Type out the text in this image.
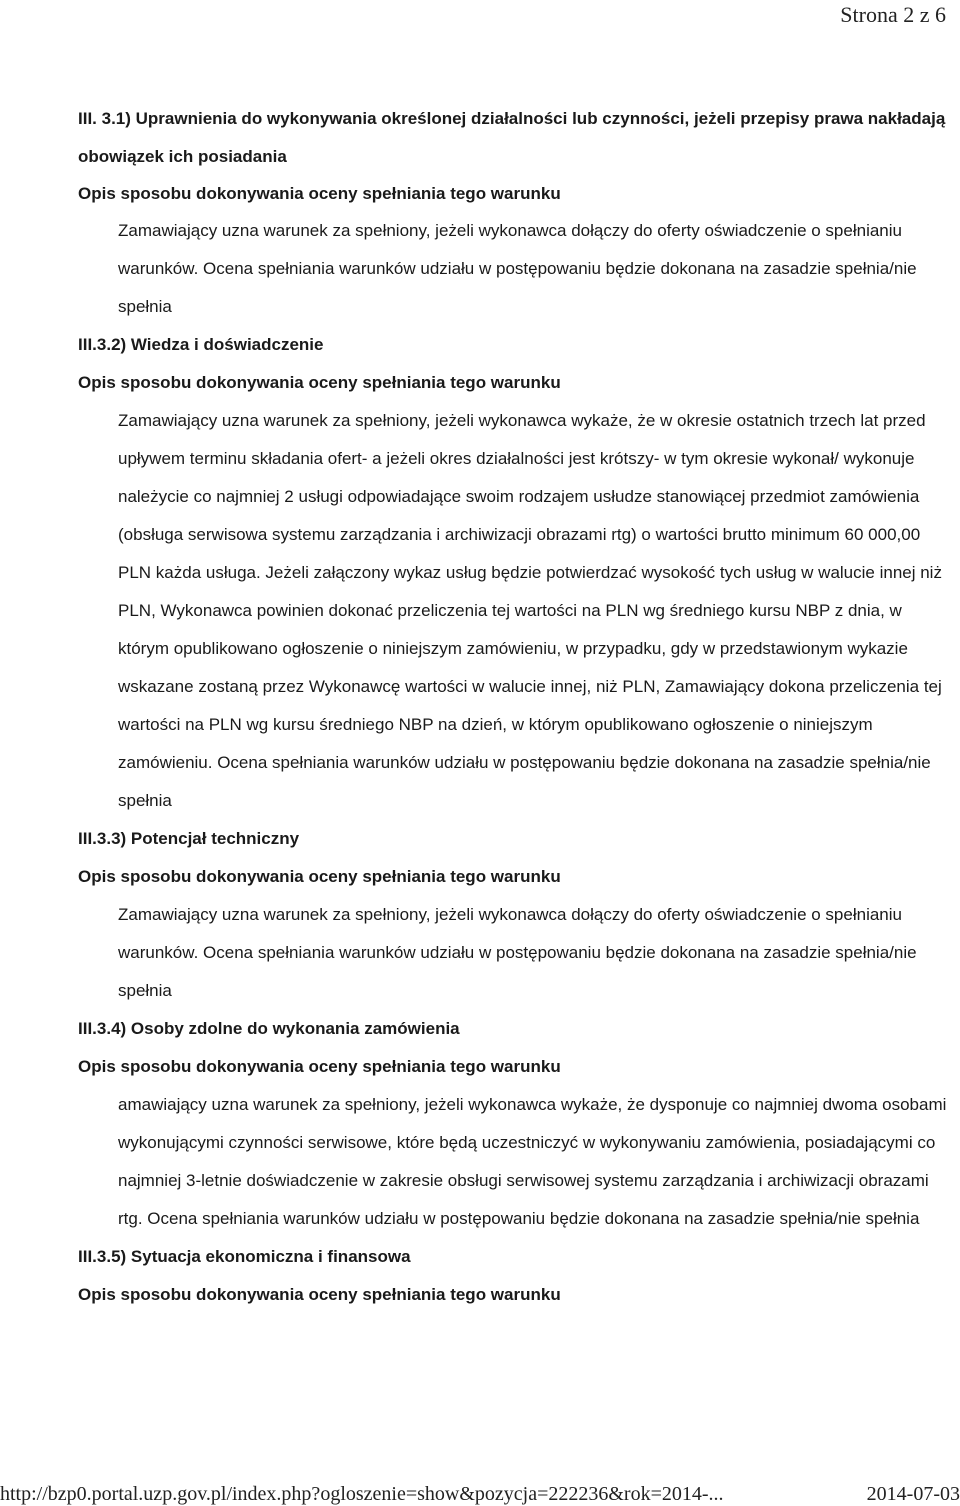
Strona 2 z 6

III. 3.1) Uprawnienia do wykonywania określonej działalności lub czynności, jeżeli przepisy prawa nakładają obowiązek ich posiadania

Opis sposobu dokonywania oceny spełniania tego warunku

Zamawiający uzna warunek za spełniony, jeżeli wykonawca dołączy do oferty oświadczenie o spełnianiu warunków. Ocena spełniania warunków udziału w postępowaniu będzie dokonana na zasadzie spełnia/nie spełnia

III.3.2) Wiedza i doświadczenie

Opis sposobu dokonywania oceny spełniania tego warunku

Zamawiający uzna warunek za spełniony, jeżeli wykonawca wykaże, że w okresie ostatnich trzech lat przed upływem terminu składania ofert- a jeżeli okres działalności jest krótszy- w tym okresie wykonał/ wykonuje należycie co najmniej 2 usługi odpowiadające swoim rodzajem usłudze stanowiącej przedmiot zamówienia (obsługa serwisowa systemu zarządzania i archiwizacji obrazami rtg) o wartości brutto minimum 60 000,00 PLN każda usługa. Jeżeli załączony wykaz usług będzie potwierdzać wysokość tych usług w walucie innej niż PLN, Wykonawca powinien dokonać przeliczenia tej wartości na PLN wg średniego kursu NBP z dnia, w którym opublikowano ogłoszenie o niniejszym zamówieniu, w przypadku, gdy w przedstawionym wykazie wskazane zostaną przez Wykonawcę wartości w walucie innej, niż PLN, Zamawiający dokona przeliczenia tej wartości na PLN wg kursu średniego NBP na dzień, w którym opublikowano ogłoszenie o niniejszym zamówieniu. Ocena spełniania warunków udziału w postępowaniu będzie dokonana na zasadzie spełnia/nie spełnia

III.3.3) Potencjał techniczny

Opis sposobu dokonywania oceny spełniania tego warunku

Zamawiający uzna warunek za spełniony, jeżeli wykonawca dołączy do oferty oświadczenie o spełnianiu warunków. Ocena spełniania warunków udziału w postępowaniu będzie dokonana na zasadzie spełnia/nie spełnia

III.3.4) Osoby zdolne do wykonania zamówienia

Opis sposobu dokonywania oceny spełniania tego warunku

amawiający uzna warunek za spełniony, jeżeli wykonawca wykaże, że dysponuje co najmniej dwoma osobami wykonującymi czynności serwisowe, które będą uczestniczyć w wykonywaniu zamówienia, posiadającymi co najmniej 3-letnie doświadczenie w zakresie obsługi serwisowej systemu zarządzania i archiwizacji obrazami rtg. Ocena spełniania warunków udziału w postępowaniu będzie dokonana na zasadzie spełnia/nie spełnia

III.3.5) Sytuacja ekonomiczna i finansowa

Opis sposobu dokonywania oceny spełniania tego warunku

http://bzp0.portal.uzp.gov.pl/index.php?ogloszenie=show&pozycja=222236&rok=2014-...	2014-07-03
